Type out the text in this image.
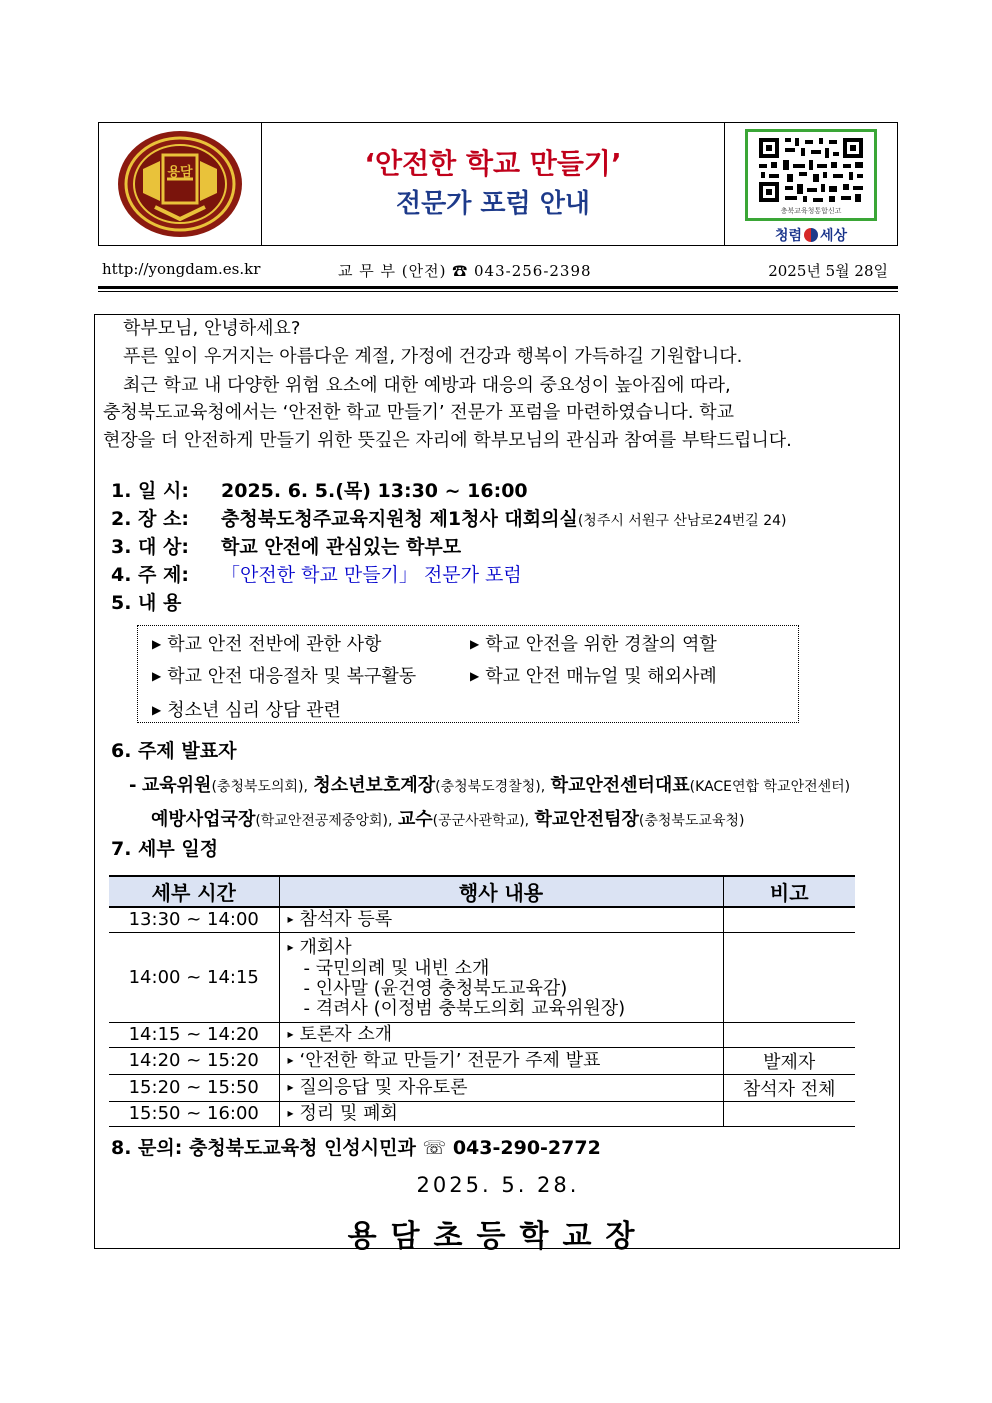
용담	‘안전한 학교 만들기’
전문가 포럼 안내	충북교육청통합신고
청렴 세상
http://yongdam.es.kr	교 무 부 (안전) ☎ 043-256-2398	2025년 5월 28일
학부모님, 안녕하세요?
푸른 잎이 우거지는 아름다운 계절, 가정에 건강과 행복이 가득하길 기원합니다.
최근 학교 내 다양한 위험 요소에 대한 예방과 대응의 중요성이 높아짐에 따라,
충청북도교육청에서는 ‘안전한 학교 만들기’ 전문가 포럼을 마련하였습니다. 학교
현장을 더 안전하게 만들기 위한 뜻깊은 자리에 학부모님의 관심과 참여를 부탁드립니다.
1. 일 시: 2025. 6. 5.(목) 13:30 ~ 16:00
2. 장 소: 충청북도청주교육지원청 제1청사 대회의실(청주시 서원구 산남로24번길 24)
3. 대 상: 학교 안전에 관심있는 학부모
4. 주 제: 「안전한 학교 만들기」 전문가 포럼
5. 내 용
▶ 학교 안전 전반에 관한 사항	▶ 학교 안전을 위한 경찰의 역할
▶ 학교 안전 대응절차 및 복구활동	▶ 학교 안전 매뉴얼 및 해외사례
▶ 청소년 심리 상담 관련
6. 주제 발표자
- 교육위원(충청북도의회), 청소년보호계장(충청북도경찰청), 학교안전센터대표(KACE연합 학교안전센터)
예방사업국장(학교안전공제중앙회), 교수(공군사관학교), 학교안전팀장(충청북도교육청)
7. 세부 일정
세부 시간	행사 내용	비고
13:30 ~ 14:00	▸ 참석자 등록	
14:00 ~ 14:15	▸ 개회사
- 국민의례 및 내빈 소개
- 인사말 (윤건영 충청북도교육감)
- 격려사 (이정범 충북도의회 교육위원장)	

14:15 ~ 14:20	▸ 토론자 소개	
14:20 ~ 15:20	▸ ‘안전한 학교 만들기’ 전문가 주제 발표	발제자
15:20 ~ 15:50	▸ 질의응답 및 자유토론	참석자 전체
15:50 ~ 16:00	▸ 정리 및 폐회	
8. 문의: 충청북도교육청 인성시민과 ☏ 043-290-2772
2025. 5. 28.
용담초등학교장
